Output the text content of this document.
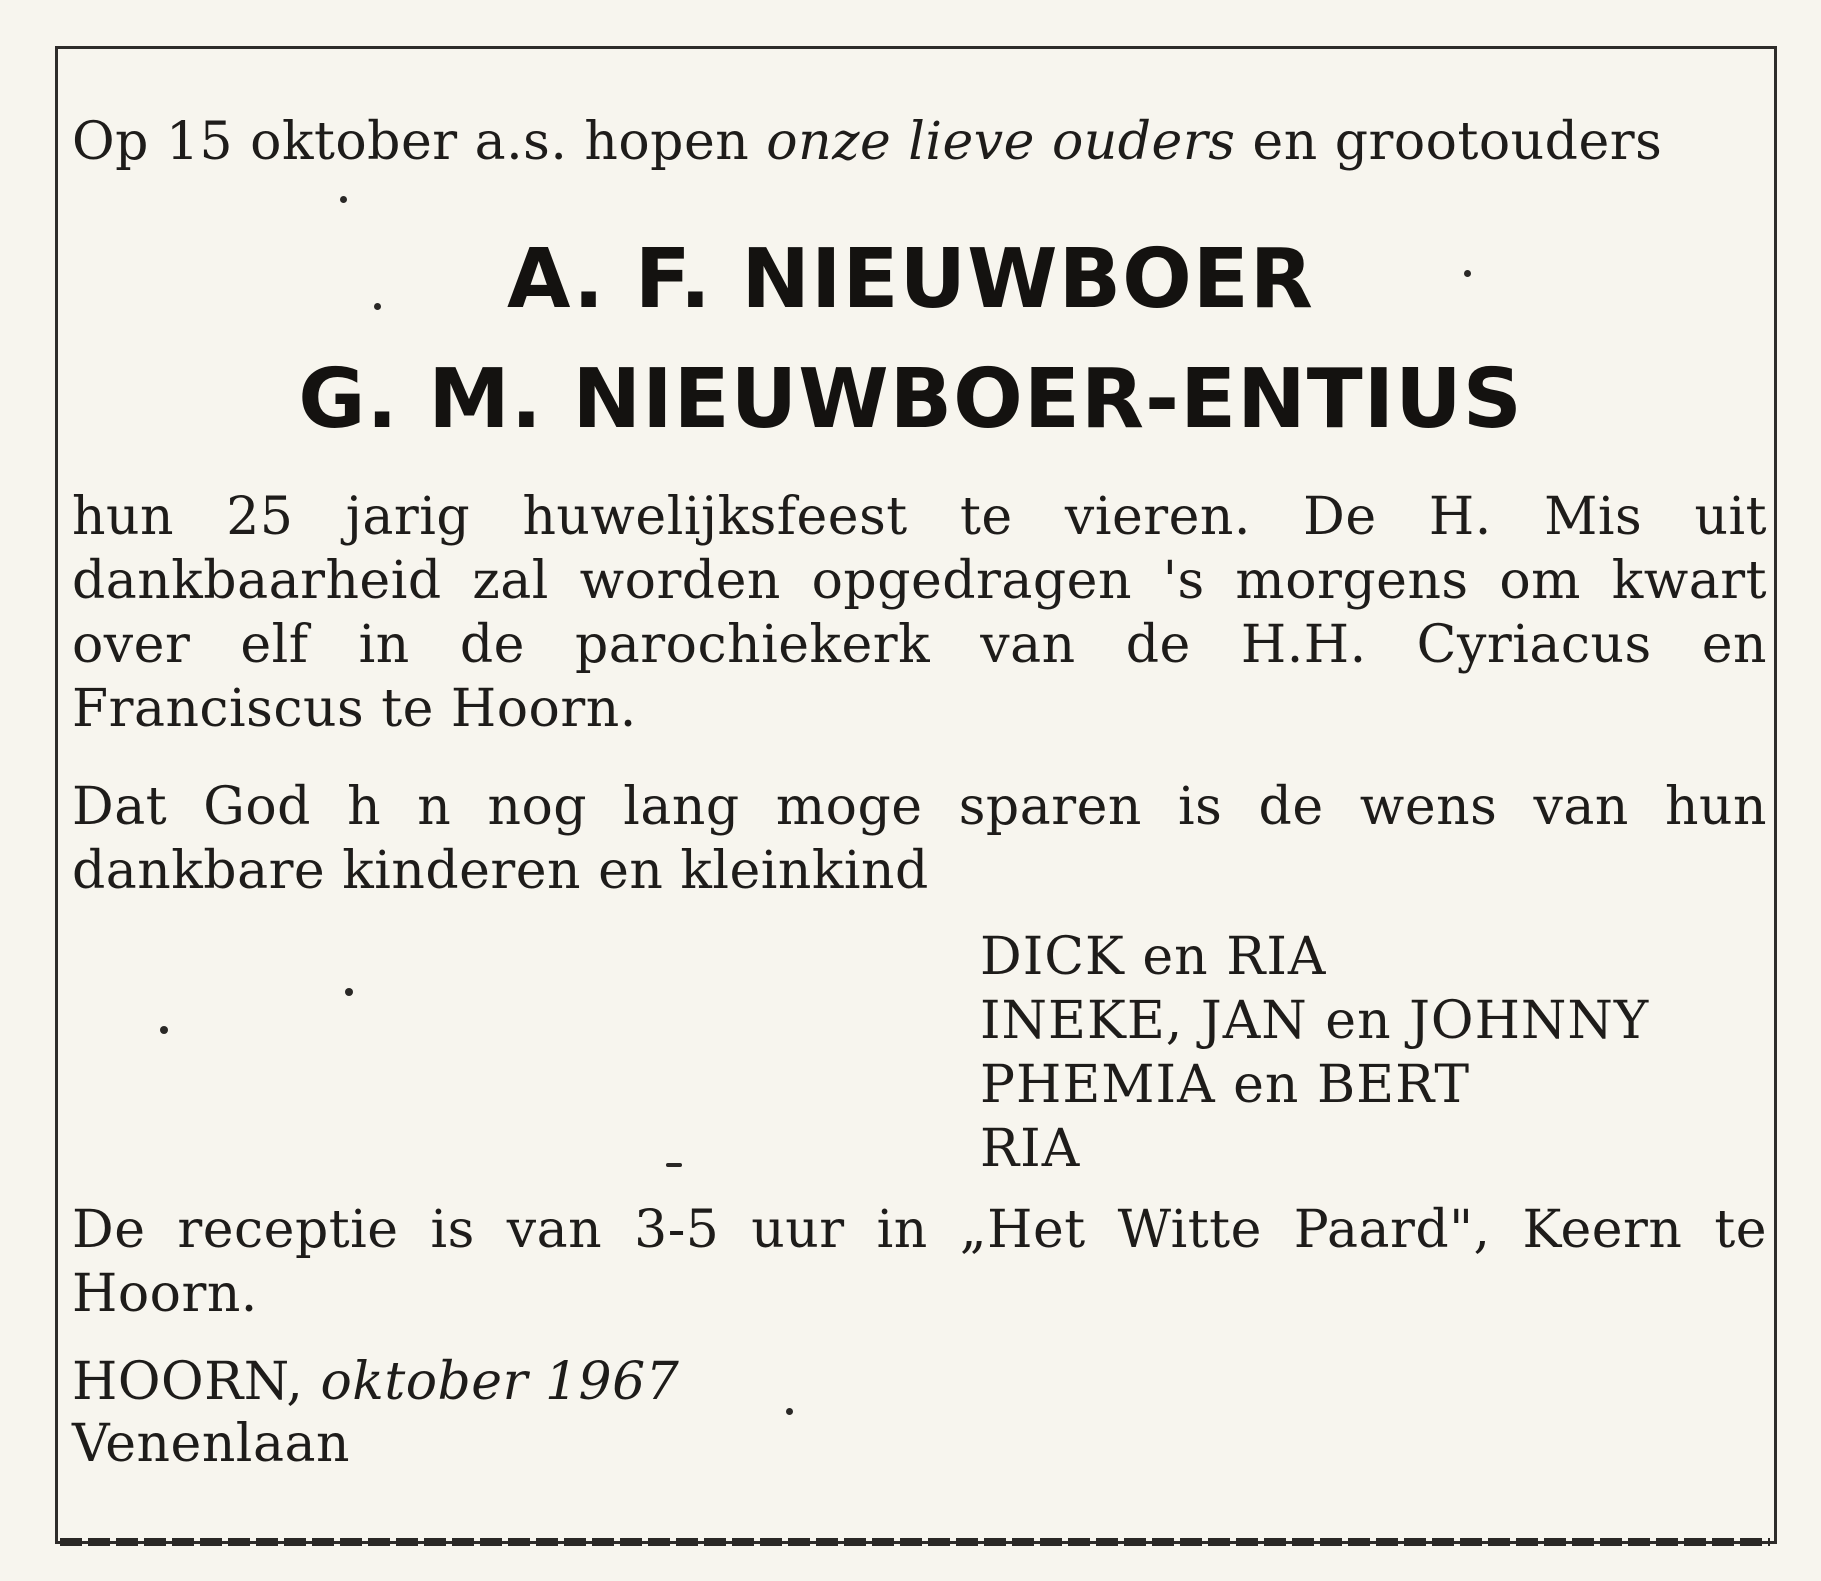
Op 15 oktober a.s. hopen onze lieve ouders en grootouders

A. F. NIEUWBOER

G. M. NIEUWBOER-ENTIUS

hun 25 jarig huwelijksfeest te vieren. De H. Mis uit dankbaarheid zal worden opgedragen 's morgens om kwart over elf in de parochiekerk van de H.H. Cyriacus en Franciscus te Hoorn.

Dat God h n nog lang moge sparen is de wens van hun dankbare kinderen en kleinkind

DICK en RIA
INEKE, JAN en JOHNNY
PHEMIA en BERT
RIA

De receptie is van 3-5 uur in „Het Witte Paard", Keern te Hoorn.

HOORN, oktober 1967

Venenlaan
